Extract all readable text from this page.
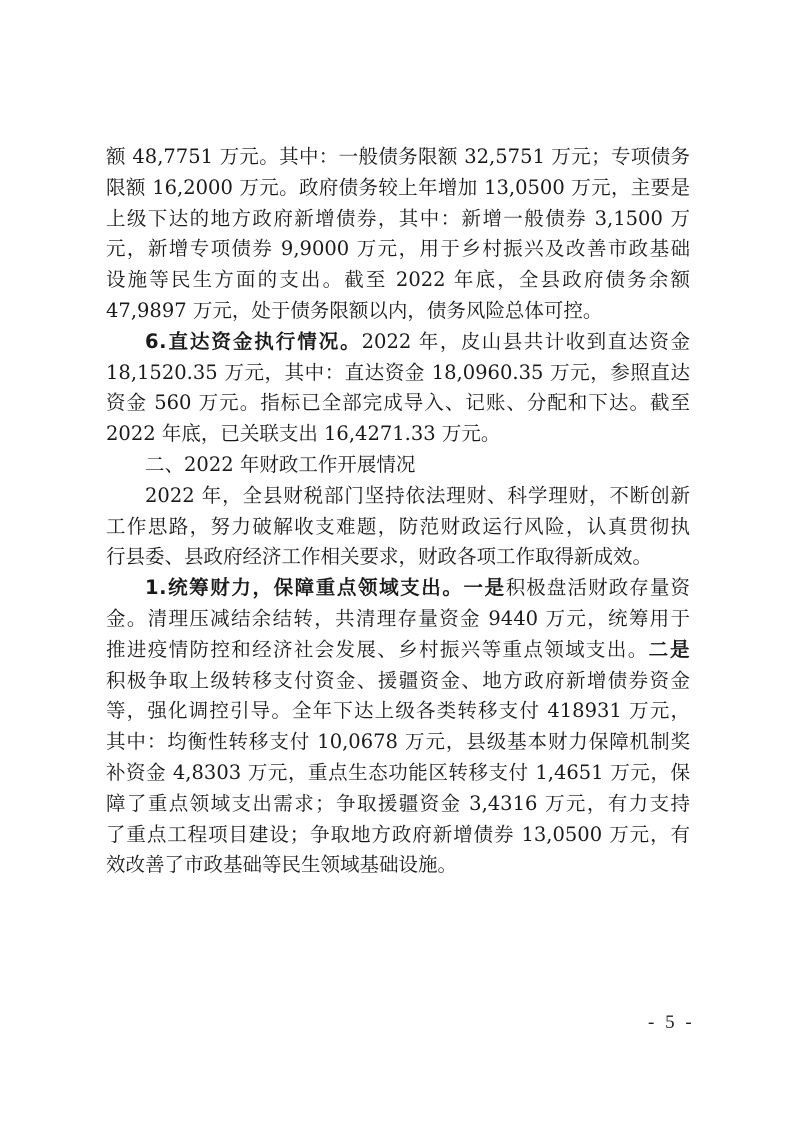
额 48,7751 万元。其中：一般债务限额 32,5751 万元；专项债务

限额 16,2000 万元。政府债务较上年增加 13,0500 万元，主要是

上级下达的地方政府新增债券，其中：新增一般债券 3,1500 万

元，新增专项债券 9,9000 万元，用于乡村振兴及改善市政基础

设施等民生方面的支出。截至 2022 年底，全县政府债务余额

47,9897 万元，处于债务限额以内，债务风险总体可控。

6.直达资金执行情况。2022 年，皮山县共计收到直达资金

18,1520.35 万元，其中：直达资金 18,0960.35 万元，参照直达

资金 560 万元。指标已全部完成导入、记账、分配和下达。截至

2022 年底，已关联支出 16,4271.33 万元。

二、2022 年财政工作开展情况

2022 年，全县财税部门坚持依法理财、科学理财，不断创新

工作思路，努力破解收支难题，防范财政运行风险，认真贯彻执

行县委、县政府经济工作相关要求，财政各项工作取得新成效。

1.统筹财力，保障重点领域支出。一是积极盘活财政存量资

金。清理压减结余结转，共清理存量资金 9440 万元，统筹用于

推进疫情防控和经济社会发展、乡村振兴等重点领域支出。二是

积极争取上级转移支付资金、援疆资金、地方政府新增债券资金

等，强化调控引导。全年下达上级各类转移支付 418931 万元，

其中：均衡性转移支付 10,0678 万元，县级基本财力保障机制奖

补资金 4,8303 万元，重点生态功能区转移支付 1,4651 万元，保

障了重点领域支出需求；争取援疆资金 3,4316 万元，有力支持

了重点工程项目建设；争取地方政府新增债券 13,0500 万元，有

效改善了市政基础等民生领域基础设施。

- 5 -
